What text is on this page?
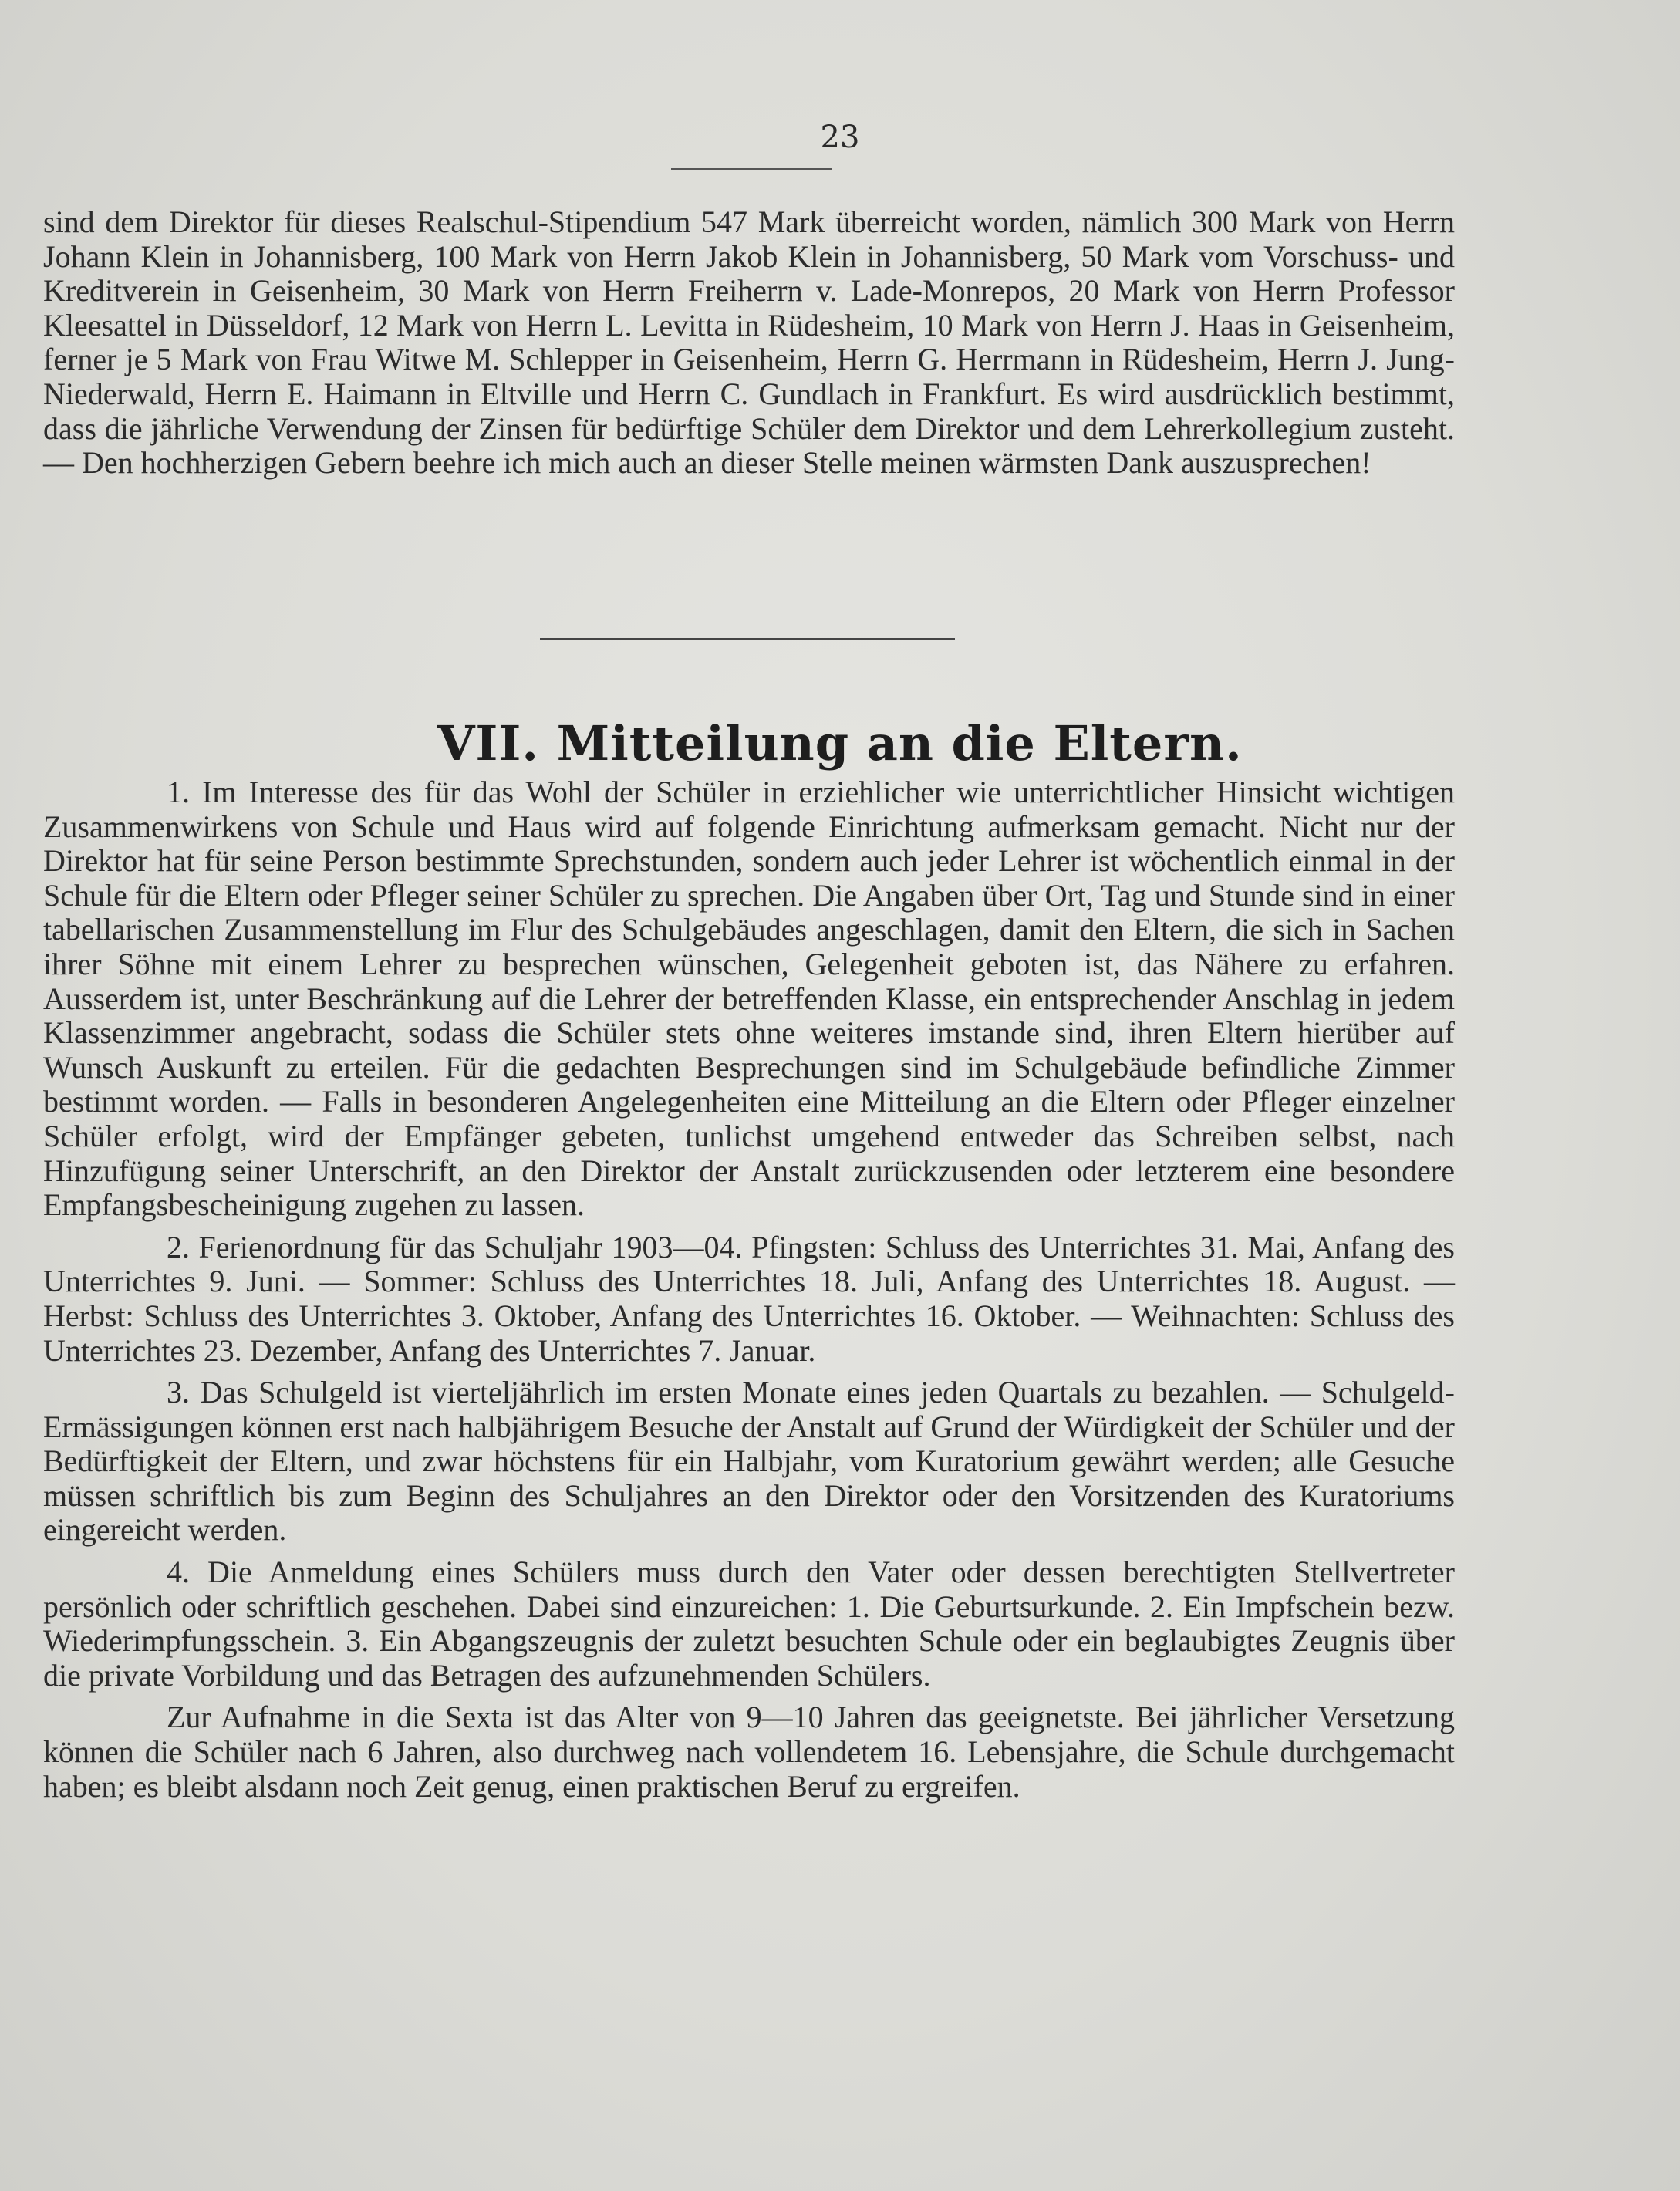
23

sind dem Direktor für dieses Realschul-Stipendium 547 Mark überreicht worden, nämlich 300 Mark von Herrn Johann Klein in Johannisberg, 100 Mark von Herrn Jakob Klein in Johannisberg, 50 Mark vom Vorschuss- und Kreditverein in Geisenheim, 30 Mark von Herrn Freiherrn v. Lade-Monrepos, 20 Mark von Herrn Professor Kleesattel in Düsseldorf, 12 Mark von Herrn L. Levitta in Rüdesheim, 10 Mark von Herrn J. Haas in Geisenheim, ferner je 5 Mark von Frau Witwe M. Schlepper in Geisenheim, Herrn G. Herrmann in Rüdesheim, Herrn J. Jung-Niederwald, Herrn E. Haimann in Eltville und Herrn C. Gundlach in Frankfurt. Es wird ausdrücklich bestimmt, dass die jährliche Verwendung der Zinsen für bedürftige Schüler dem Direktor und dem Lehrerkollegium zusteht. — Den hochherzigen Gebern beehre ich mich auch an dieser Stelle meinen wärmsten Dank auszusprechen!

VII. Mitteilung an die Eltern.

1. Im Interesse des für das Wohl der Schüler in erziehlicher wie unterrichtlicher Hinsicht wichtigen Zusammenwirkens von Schule und Haus wird auf folgende Einrichtung aufmerksam gemacht. Nicht nur der Direktor hat für seine Person bestimmte Sprechstunden, sondern auch jeder Lehrer ist wöchentlich einmal in der Schule für die Eltern oder Pfleger seiner Schüler zu sprechen. Die Angaben über Ort, Tag und Stunde sind in einer tabellarischen Zusammenstellung im Flur des Schulgebäudes angeschlagen, damit den Eltern, die sich in Sachen ihrer Söhne mit einem Lehrer zu besprechen wünschen, Gelegenheit geboten ist, das Nähere zu erfahren. Ausserdem ist, unter Beschränkung auf die Lehrer der betreffenden Klasse, ein entsprechender Anschlag in jedem Klassenzimmer angebracht, sodass die Schüler stets ohne weiteres imstande sind, ihren Eltern hierüber auf Wunsch Auskunft zu erteilen. Für die gedachten Besprechungen sind im Schulgebäude befindliche Zimmer bestimmt worden. — Falls in besonderen Angelegenheiten eine Mitteilung an die Eltern oder Pfleger einzelner Schüler erfolgt, wird der Empfänger gebeten, tunlichst umgehend entweder das Schreiben selbst, nach Hinzufügung seiner Unterschrift, an den Direktor der Anstalt zurückzusenden oder letzterem eine besondere Empfangsbescheinigung zugehen zu lassen.

2. Ferienordnung für das Schuljahr 1903—04. Pfingsten: Schluss des Unterrichtes 31. Mai, Anfang des Unterrichtes 9. Juni. — Sommer: Schluss des Unterrichtes 18. Juli, Anfang des Unterrichtes 18. August. — Herbst: Schluss des Unterrichtes 3. Oktober, Anfang des Unterrichtes 16. Oktober. — Weihnachten: Schluss des Unterrichtes 23. Dezember, Anfang des Unterrichtes 7. Januar.

3. Das Schulgeld ist vierteljährlich im ersten Monate eines jeden Quartals zu bezahlen. — Schulgeld-Ermässigungen können erst nach halbjährigem Besuche der Anstalt auf Grund der Würdigkeit der Schüler und der Bedürftigkeit der Eltern, und zwar höchstens für ein Halbjahr, vom Kuratorium gewährt werden; alle Gesuche müssen schriftlich bis zum Beginn des Schuljahres an den Direktor oder den Vorsitzenden des Kuratoriums eingereicht werden.

4. Die Anmeldung eines Schülers muss durch den Vater oder dessen berechtigten Stellvertreter persönlich oder schriftlich geschehen. Dabei sind einzureichen: 1. Die Geburtsurkunde. 2. Ein Impfschein bezw. Wiederimpfungsschein. 3. Ein Abgangszeugnis der zuletzt besuchten Schule oder ein beglaubigtes Zeugnis über die private Vorbildung und das Betragen des aufzunehmenden Schülers.

Zur Aufnahme in die Sexta ist das Alter von 9—10 Jahren das geeignetste. Bei jährlicher Versetzung können die Schüler nach 6 Jahren, also durchweg nach vollendetem 16. Lebensjahre, die Schule durchgemacht haben; es bleibt alsdann noch Zeit genug, einen praktischen Beruf zu ergreifen.
